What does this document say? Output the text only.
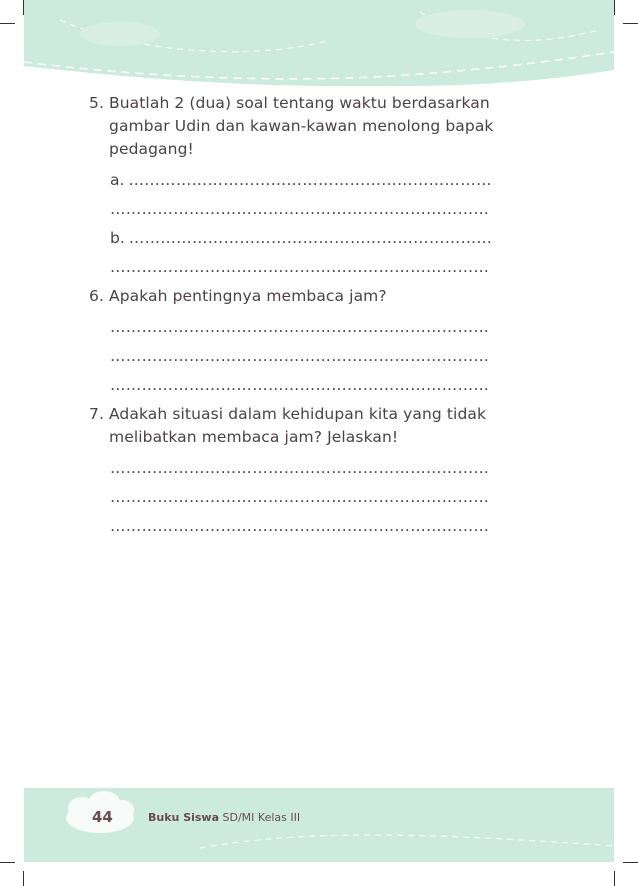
5. Buatlah 2 (dua) soal tentang waktu berdasarkan gambar Udin dan kawan-kawan menolong bapak pedagang!
a. ……………………………………………………………
………………………………………………………………
b. ……………………………………………………………
………………………………………………………………
6. Apakah pentingnya membaca jam?
………………………………………………………………
………………………………………………………………
………………………………………………………………
7. Adakah situasi dalam kehidupan kita yang tidak melibatkan membaca jam? Jelaskan!
………………………………………………………………
………………………………………………………………
………………………………………………………………
44	Buku Siswa SD/MI Kelas III
